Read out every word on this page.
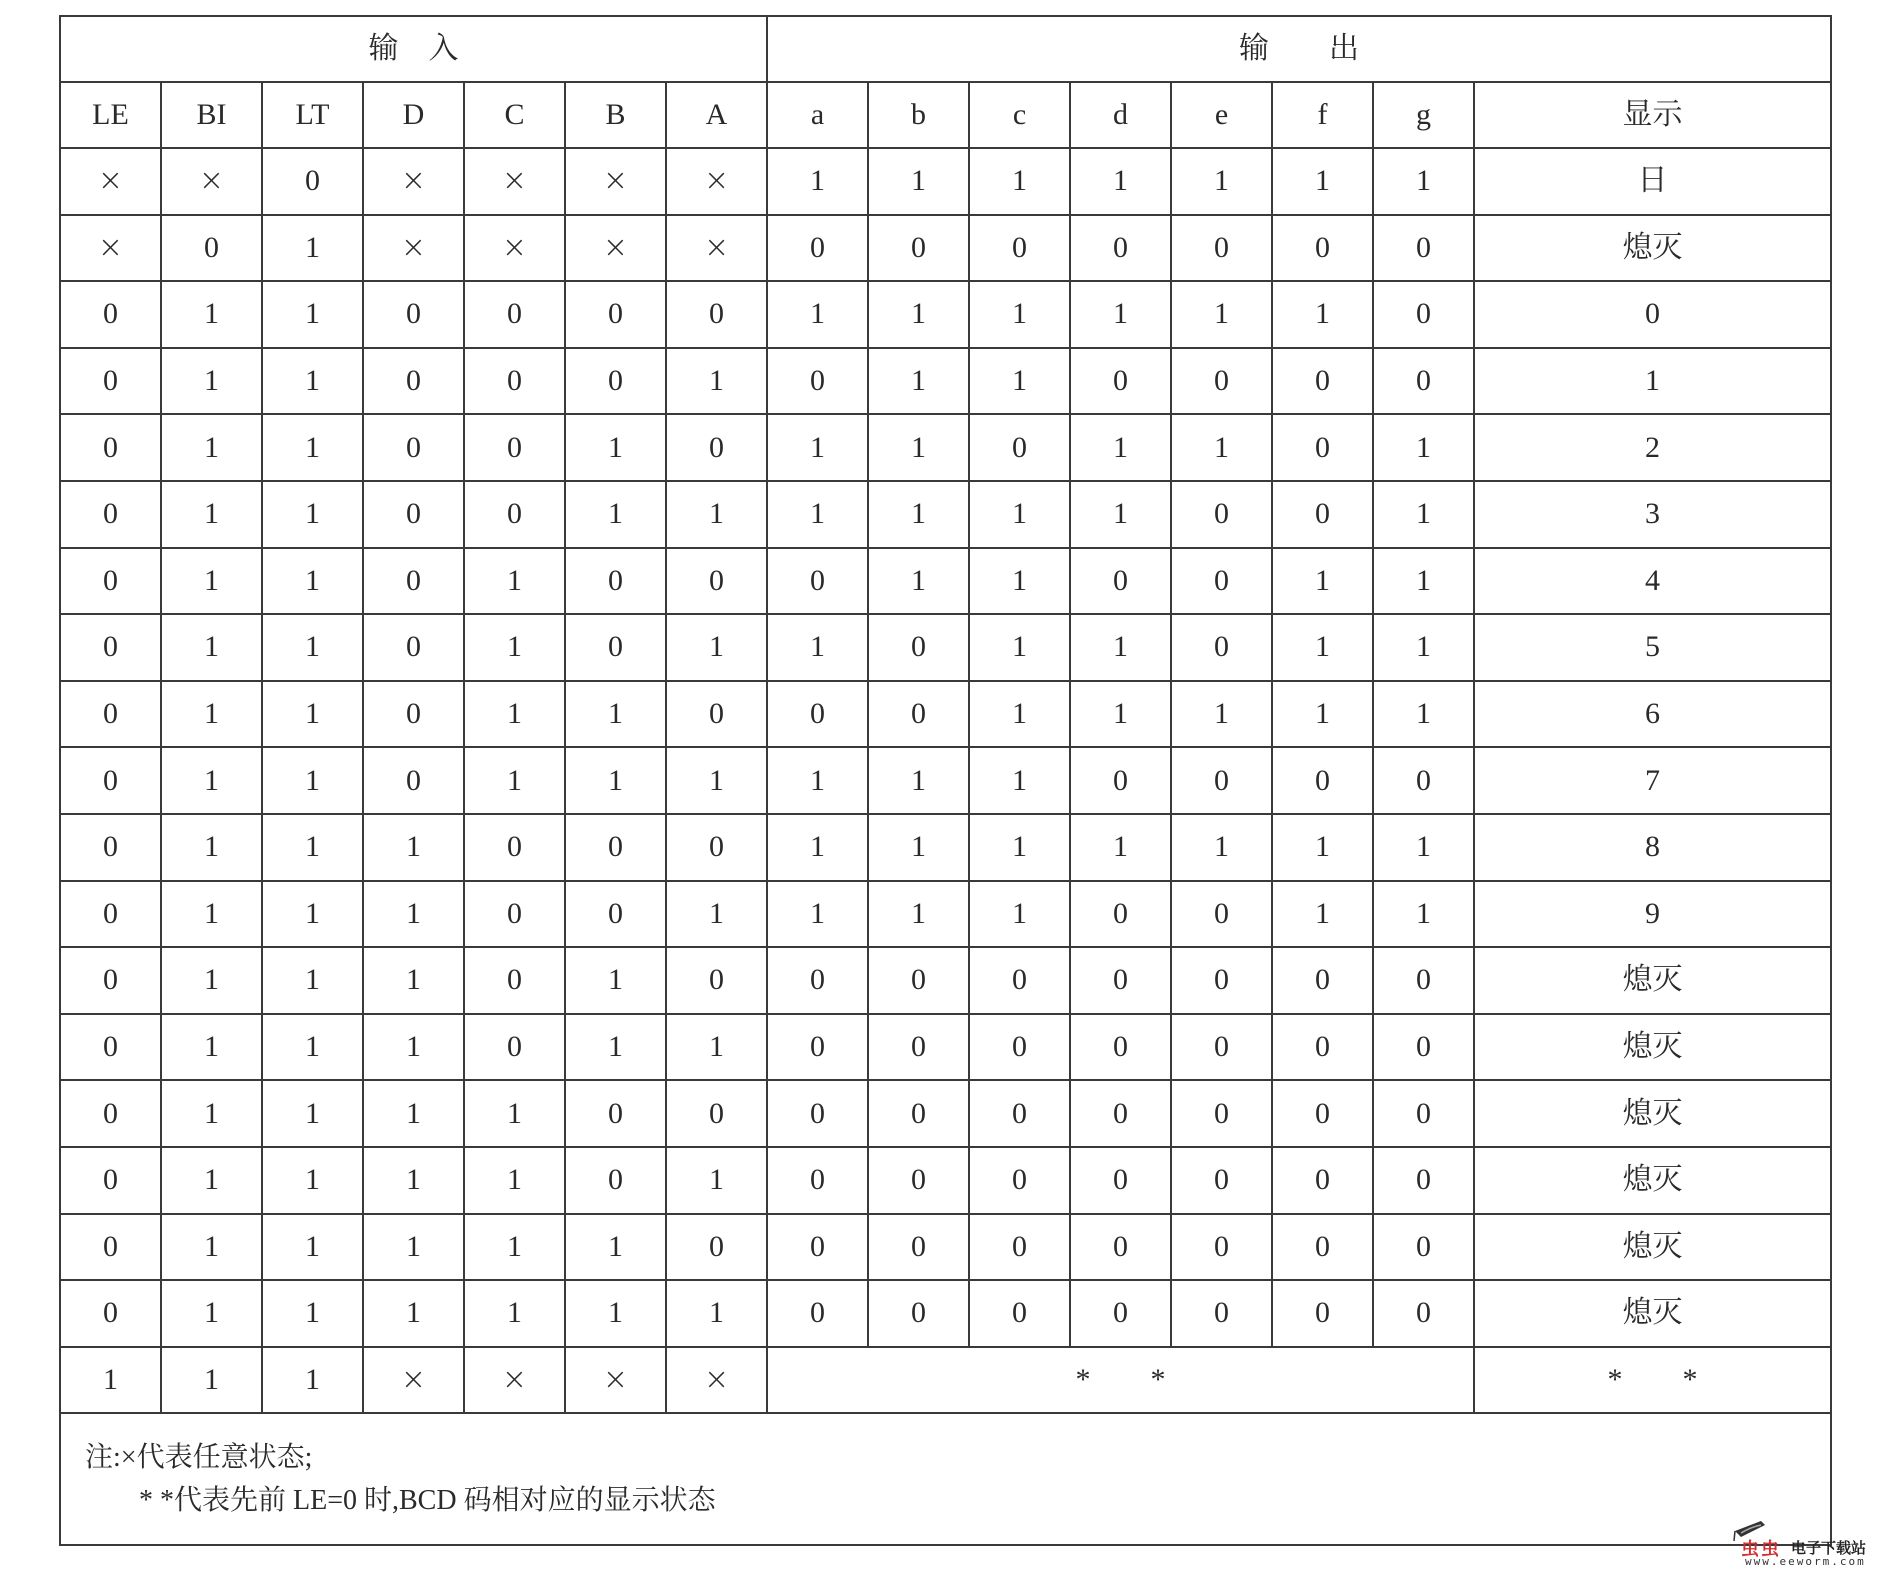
输　入							输　　出							
LE	BI	LT	D	C	B	A	a	b	c	d	e	f	g	显示
×	×	0	×	×	×	×	1	1	1	1	1	1	1	日
×	0	1	×	×	×	×	0	0	0	0	0	0	0	熄灭
0	1	1	0	0	0	0	1	1	1	1	1	1	0	0
0	1	1	0	0	0	1	0	1	1	0	0	0	0	1
0	1	1	0	0	1	0	1	1	0	1	1	0	1	2
0	1	1	0	0	1	1	1	1	1	1	0	0	1	3
0	1	1	0	1	0	0	0	1	1	0	0	1	1	4
0	1	1	0	1	0	1	1	0	1	1	0	1	1	5
0	1	1	0	1	1	0	0	0	1	1	1	1	1	6
0	1	1	0	1	1	1	1	1	1	0	0	0	0	7
0	1	1	1	0	0	0	1	1	1	1	1	1	1	8
0	1	1	1	0	0	1	1	1	1	0	0	1	1	9
0	1	1	1	0	1	0	0	0	0	0	0	0	0	熄灭
0	1	1	1	0	1	1	0	0	0	0	0	0	0	熄灭
0	1	1	1	1	0	0	0	0	0	0	0	0	0	熄灭
0	1	1	1	1	0	1	0	0	0	0	0	0	0	熄灭
0	1	1	1	1	1	0	0	0	0	0	0	0	0	熄灭
0	1	1	1	1	1	1	0	0	0	0	0	0	0	熄灭
1	1	1	×	×	×	×	*　　*							*　　*
注:×代表任意状态;
* *代表先前 LE=0 时,BCD 码相对应的显示状态														
虫虫 电子下载站
www.eeworm.com
